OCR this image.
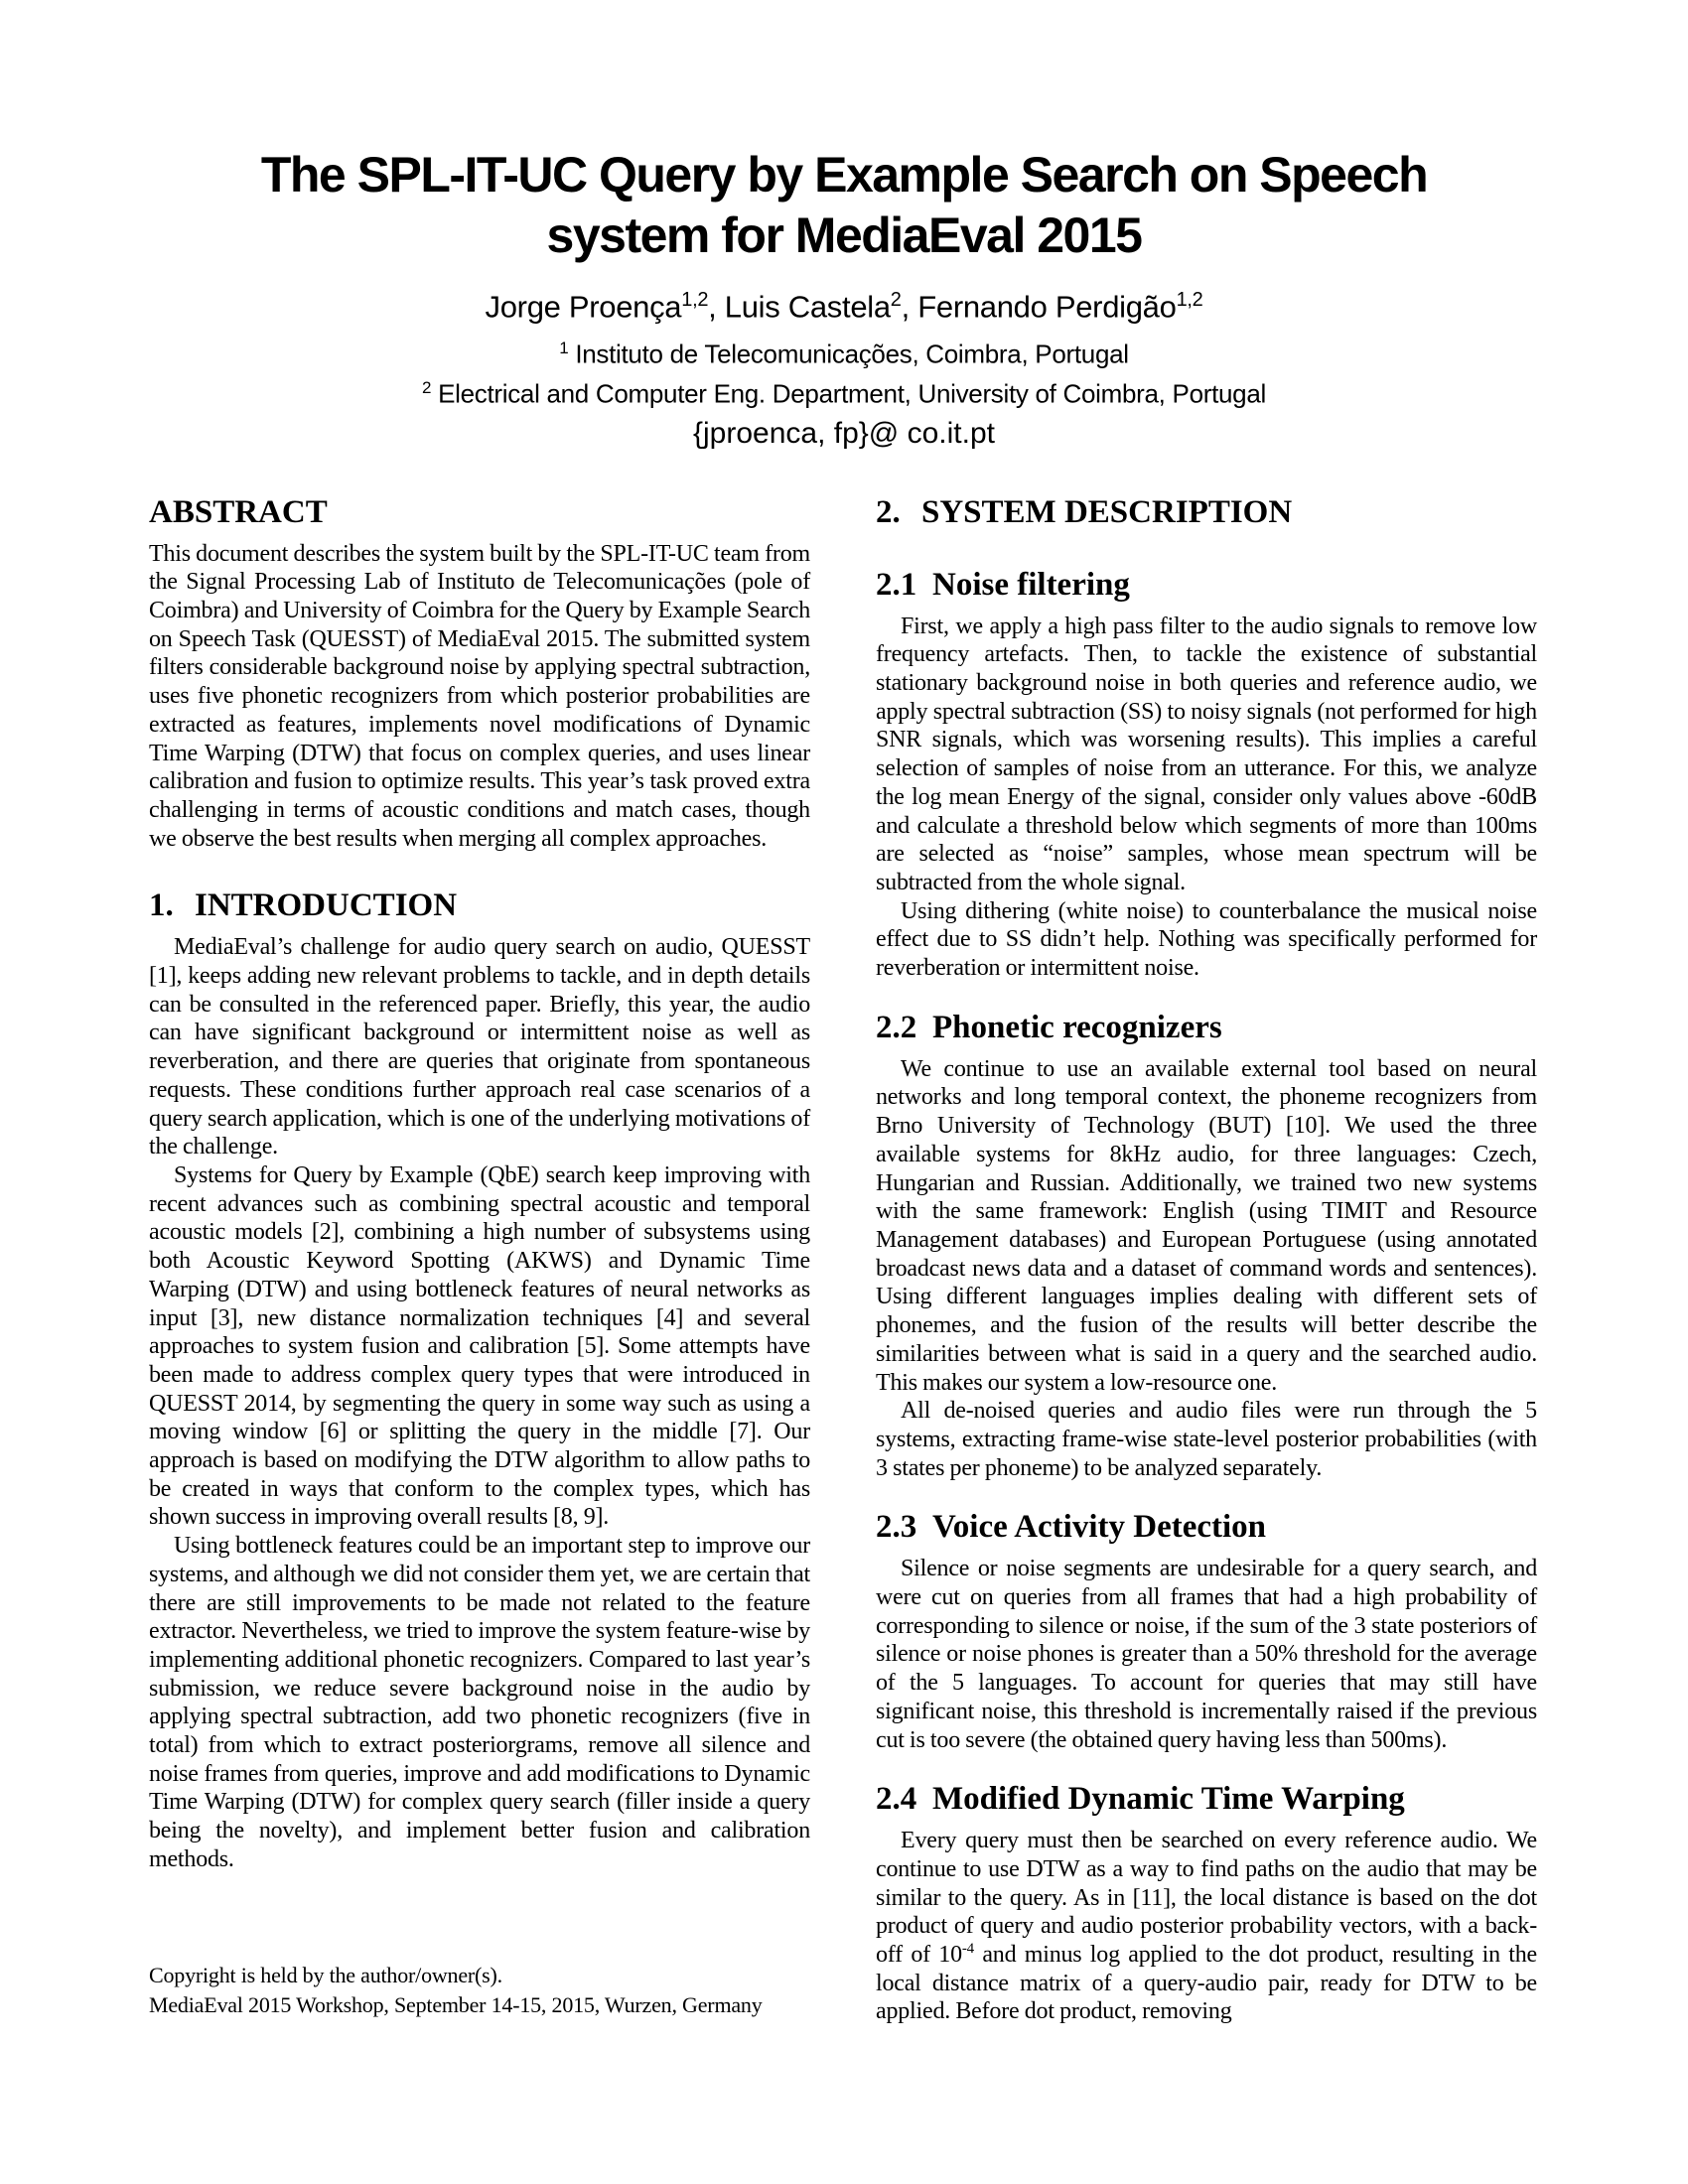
The SPL-IT-UC Query by Example Search on Speech
system for MediaEval 2015
Jorge Proença$^{1,2}$, Luis Castela$^2$, Fernando Perdigão$^{1,2}$
$^1$ Instituto de Telecomunicações, Coimbra, Portugal
$^2$ Electrical and Computer Eng. Department, University of Coimbra, Portugal
{jproenca, fp}@ co.it.pt
ABSTRACT

This document describes the system built by the SPL-IT-UC team from the Signal Processing Lab of Instituto de Telecomunicações (pole of Coimbra) and University of Coimbra for the Query by Example Search on Speech Task (QUESST) of MediaEval 2015. The submitted system filters considerable background noise by applying spectral subtraction, uses five phonetic recognizers from which posterior probabilities are extracted as features, implements novel modifications of Dynamic Time Warping (DTW) that focus on complex queries, and uses linear calibration and fusion to optimize results. This year’s task proved extra challenging in terms of acoustic conditions and match cases, though we observe the best results when merging all complex approaches.

1. INTRODUCTION

MediaEval’s challenge for audio query search on audio, QUESST [1], keeps adding new relevant problems to tackle, and in depth details can be consulted in the referenced paper. Briefly, this year, the audio can have significant background or intermittent noise as well as reverberation, and there are queries that originate from spontaneous requests. These conditions further approach real case scenarios of a query search application, which is one of the underlying motivations of the challenge.

Systems for Query by Example (QbE) search keep improving with recent advances such as combining spectral acoustic and temporal acoustic models [2], combining a high number of subsystems using both Acoustic Keyword Spotting (AKWS) and Dynamic Time Warping (DTW) and using bottleneck features of neural networks as input [3], new distance normalization techniques [4] and several approaches to system fusion and calibration [5]. Some attempts have been made to address complex query types that were introduced in QUESST 2014, by segmenting the query in some way such as using a moving window [6] or splitting the query in the middle [7]. Our approach is based on modifying the DTW algorithm to allow paths to be created in ways that conform to the complex types, which has shown success in improving overall results [8, 9].

Using bottleneck features could be an important step to improve our systems, and although we did not consider them yet, we are certain that there are still improvements to be made not related to the feature extractor. Nevertheless, we tried to improve the system feature-wise by implementing additional phonetic recognizers. Compared to last year’s submission, we reduce severe background noise in the audio by applying spectral subtraction, add two phonetic recognizers (five in total) from which to extract posteriorgrams, remove all silence and noise frames from queries, improve and add modifications to Dynamic Time Warping (DTW) for complex query search (filler inside a query being the novelty), and implement better fusion and calibration methods.

Copyright is held by the author/owner(s).
MediaEval 2015 Workshop, September 14-15, 2015, Wurzen, Germany
2. SYSTEM DESCRIPTION
2.1 Noise filtering

First, we apply a high pass filter to the audio signals to remove low frequency artefacts. Then, to tackle the existence of substantial stationary background noise in both queries and reference audio, we apply spectral subtraction (SS) to noisy signals (not performed for high SNR signals, which was worsening results). This implies a careful selection of samples of noise from an utterance. For this, we analyze the log mean Energy of the signal, consider only values above -60dB and calculate a threshold below which segments of more than 100ms are selected as “noise” samples, whose mean spectrum will be subtracted from the whole signal.

Using dithering (white noise) to counterbalance the musical noise effect due to SS didn’t help. Nothing was specifically performed for reverberation or intermittent noise.

2.2 Phonetic recognizers

We continue to use an available external tool based on neural networks and long temporal context, the phoneme recognizers from Brno University of Technology (BUT) [10]. We used the three available systems for 8kHz audio, for three languages: Czech, Hungarian and Russian. Additionally, we trained two new systems with the same framework: English (using TIMIT and Resource Management databases) and European Portuguese (using annotated broadcast news data and a dataset of command words and sentences). Using different languages implies dealing with different sets of phonemes, and the fusion of the results will better describe the similarities between what is said in a query and the searched audio. This makes our system a low-resource one.

All de-noised queries and audio files were run through the 5 systems, extracting frame-wise state-level posterior probabilities (with 3 states per phoneme) to be analyzed separately.

2.3 Voice Activity Detection

Silence or noise segments are undesirable for a query search, and were cut on queries from all frames that had a high probability of corresponding to silence or noise, if the sum of the 3 state posteriors of silence or noise phones is greater than a 50% threshold for the average of the 5 languages. To account for queries that may still have significant noise, this threshold is incrementally raised if the previous cut is too severe (the obtained query having less than 500ms).

2.4 Modified Dynamic Time Warping

Every query must then be searched on every reference audio. We continue to use DTW as a way to find paths on the audio that may be similar to the query. As in [11], the local distance is based on the dot product of query and audio posterior probability vectors, with a back-off of $10^{-4}$ and minus log applied to the dot product, resulting in the local distance matrix of a query-audio pair, ready for DTW to be applied. Before dot product, removing
